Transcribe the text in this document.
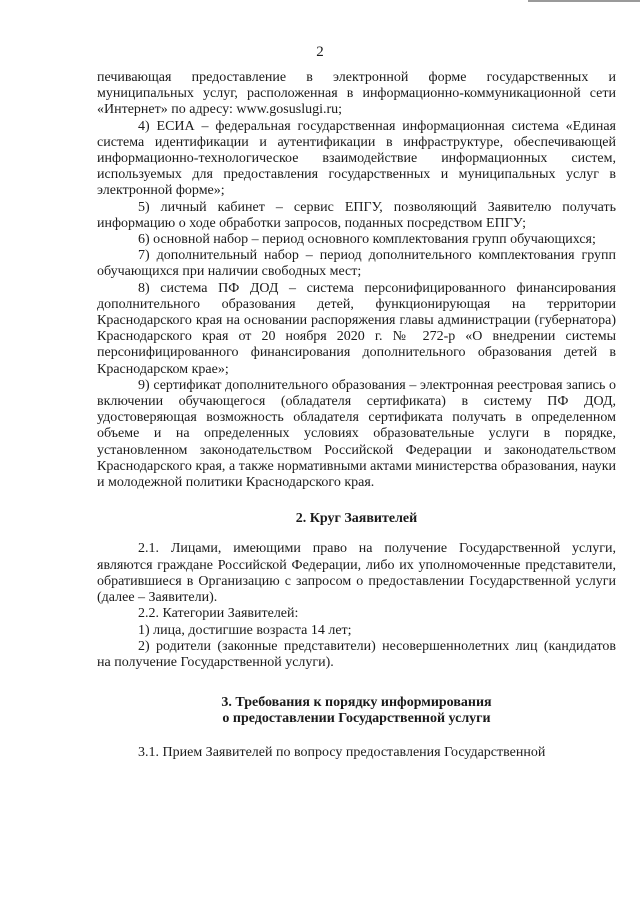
2

печивающая предоставление в электронной форме государственных и муниципальных услуг, расположенная в информационно-коммуникационной сети «Интернет» по адресу: www.gosuslugi.ru;

4) ЕСИА – федеральная государственная информационная система «Единая система идентификации и аутентификации в инфраструктуре, обеспечивающей информационно-технологическое взаимодействие информационных систем, используемых для предоставления государственных и муниципальных услуг в электронной форме»;

5) личный кабинет – сервис ЕПГУ, позволяющий Заявителю получать информацию о ходе обработки запросов, поданных посредством ЕПГУ;

6) основной набор – период основного комплектования групп обучающихся;

7) дополнительный набор – период дополнительного комплектования групп обучающихся при наличии свободных мест;

8) система ПФ ДОД – система персонифицированного финансирования дополнительного образования детей, функционирующая на территории Краснодарского края на основании распоряжения главы администрации (губернатора) Краснодарского края от 20 ноября 2020 г. № 272-р «О внедрении системы персонифицированного финансирования дополнительного образования детей в Краснодарском крае»;

9) сертификат дополнительного образования – электронная реестровая запись о включении обучающегося (обладателя сертификата) в систему ПФ ДОД, удостоверяющая возможность обладателя сертификата получать в определенном объеме и на определенных условиях образовательные услуги в порядке, установленном законодательством Российской Федерации и законодательством Краснодарского края, а также нормативными актами министерства образования, науки и молодежной политики Краснодарского края.

2. Круг Заявителей

2.1. Лицами, имеющими право на получение Государственной услуги, являются граждане Российской Федерации, либо их уполномоченные представители, обратившиеся в Организацию с запросом о предоставлении Государственной услуги (далее – Заявители).

2.2. Категории Заявителей:

1) лица, достигшие возраста 14 лет;

2) родители (законные представители) несовершеннолетних лиц (кандидатов на получение Государственной услуги).

3. Требования к порядку информирования

о предоставлении Государственной услуги

3.1. Прием Заявителей по вопросу предоставления Государственной
